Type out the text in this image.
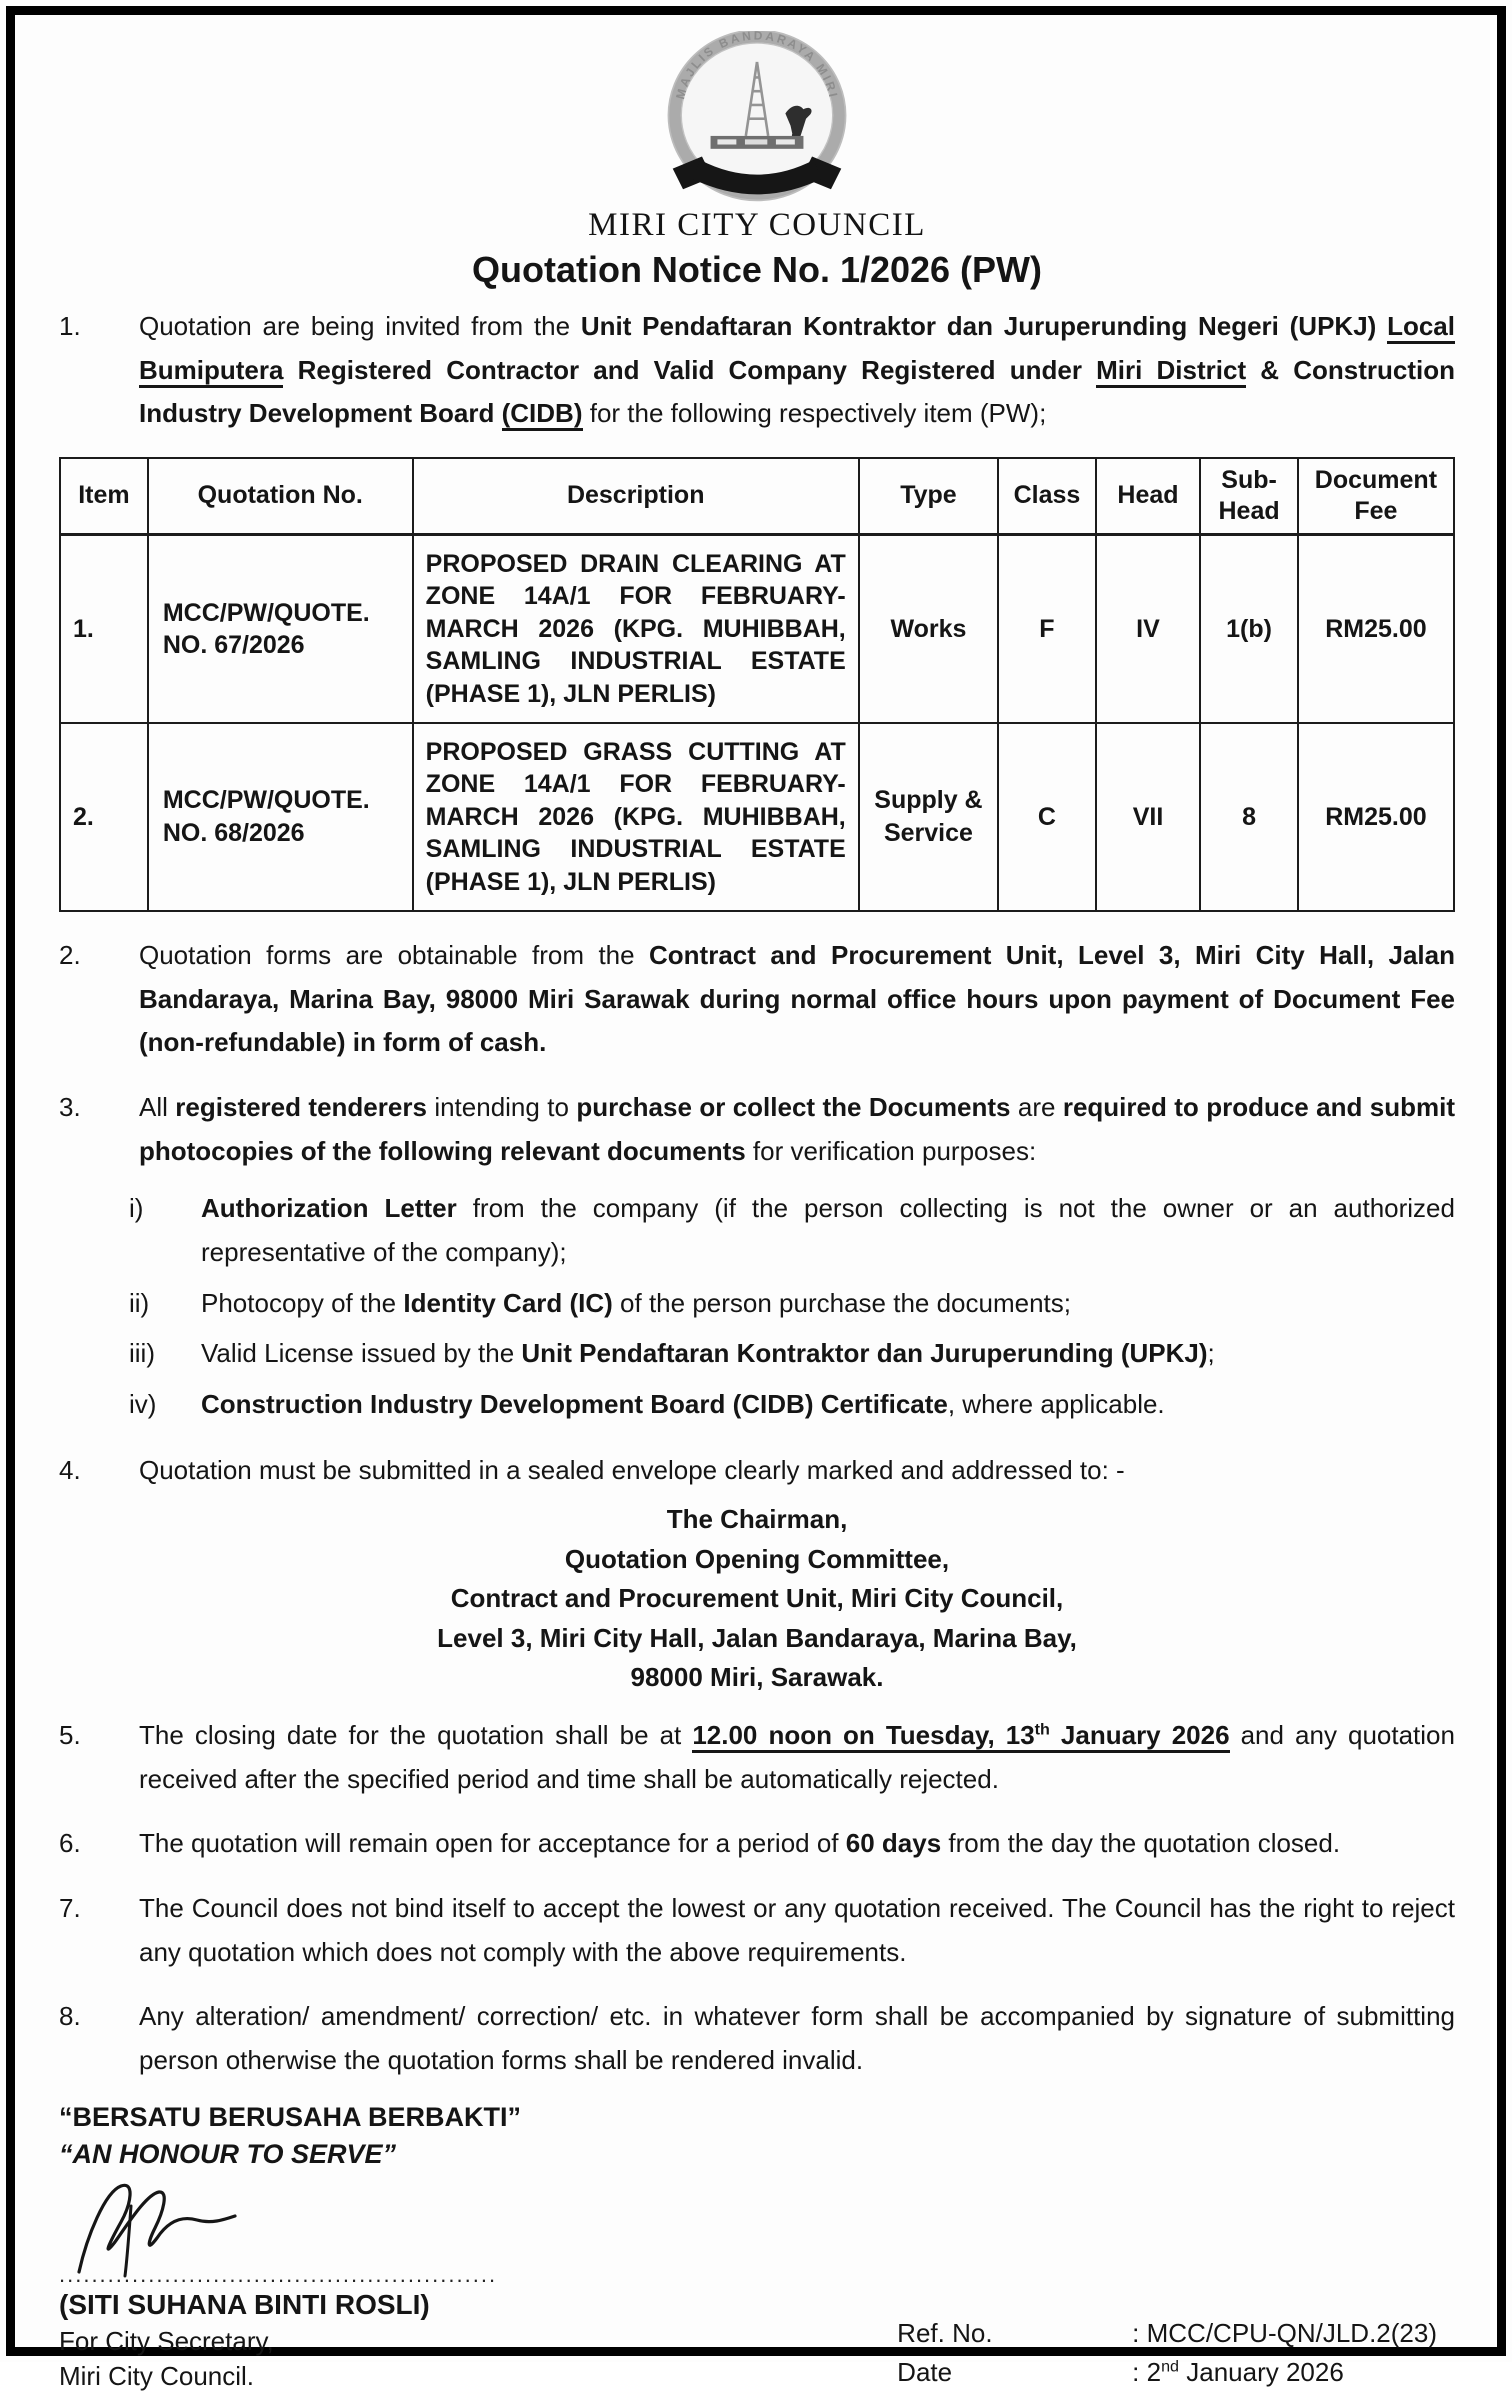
MAJLIS BANDARAYA MIRI
MIRI CITY COUNCIL
Quotation Notice No. 1/2026 (PW)
1.	Quotation are being invited from the Unit Pendaftaran Kontraktor dan Juruperunding Negeri (UPKJ) Local Bumiputera Registered Contractor and Valid Company Registered under Miri District & Construction Industry Development Board (CIDB) for the following respectively item (PW);
Item	Quotation No.	Description	Type	Class	Head	Sub-Head	Document Fee
1.	MCC/PW/QUOTE. NO. 67/2026	PROPOSED DRAIN CLEARING AT ZONE 14A/1 FOR FEBRUARY-MARCH 2026 (KPG. MUHIBBAH, SAMLING INDUSTRIAL ESTATE (PHASE 1), JLN PERLIS)	Works	F	IV	1(b)	RM25.00
2.	MCC/PW/QUOTE. NO. 68/2026	PROPOSED GRASS CUTTING AT ZONE 14A/1 FOR FEBRUARY-MARCH 2026 (KPG. MUHIBBAH, SAMLING INDUSTRIAL ESTATE (PHASE 1), JLN PERLIS)	Supply & Service	C	VII	8	RM25.00
2.	Quotation forms are obtainable from the Contract and Procurement Unit, Level 3, Miri City Hall, Jalan Bandaraya, Marina Bay, 98000 Miri Sarawak during normal office hours upon payment of Document Fee (non-refundable) in form of cash.
3.	All registered tenderers intending to purchase or collect the Documents are required to produce and submit photocopies of the following relevant documents for verification purposes:
i)	Authorization Letter from the company (if the person collecting is not the owner or an authorized representative of the company);
ii)	Photocopy of the Identity Card (IC) of the person purchase the documents;
iii)	Valid License issued by the Unit Pendaftaran Kontraktor dan Juruperunding (UPKJ);
iv)	Construction Industry Development Board (CIDB) Certificate, where applicable.
4.	Quotation must be submitted in a sealed envelope clearly marked and addressed to: -
The Chairman,
Quotation Opening Committee,
Contract and Procurement Unit, Miri City Council,
Level 3, Miri City Hall, Jalan Bandaraya, Marina Bay,
98000 Miri, Sarawak.
5.	The closing date for the quotation shall be at 12.00 noon on Tuesday, 13th January 2026 and any quotation received after the specified period and time shall be automatically rejected.
6.	The quotation will remain open for acceptance for a period of 60 days from the day the quotation closed.
7.	The Council does not bind itself to accept the lowest or any quotation received. The Council has the right to reject any quotation which does not comply with the above requirements.
8.	Any alteration/ amendment/ correction/ etc. in whatever form shall be accompanied by signature of submitting person otherwise the quotation forms shall be rendered invalid.
“BERSATU BERUSAHA BERBAKTI”
“AN HONOUR TO SERVE”
......................................................
(SITI SUHANA BINTI ROSLI)
For City Secretary,
Miri City Council.
Ref. No.	: MCC/CPU-QN/JLD.2(23)
Date	: 2nd January 2026
